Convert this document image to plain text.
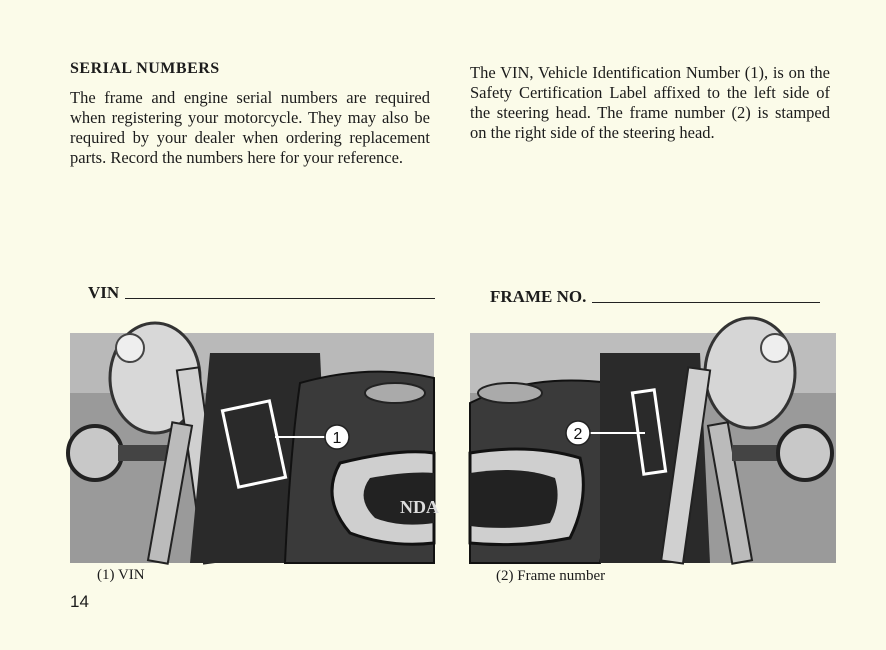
SERIAL NUMBERS
The frame and engine serial numbers are required when registering your motorcycle. They may also be required by your dealer when ordering replacement parts. Record the numbers here for your reference.
The VIN, Vehicle Identification Number (1), is on the Safety Certification Label affixed to the left side of the steering head. The frame number (2) is stamped on the right side of the steering head.
VIN	FRAME NO.
NDA
1	2
(1) VIN	(2) Frame number
14
